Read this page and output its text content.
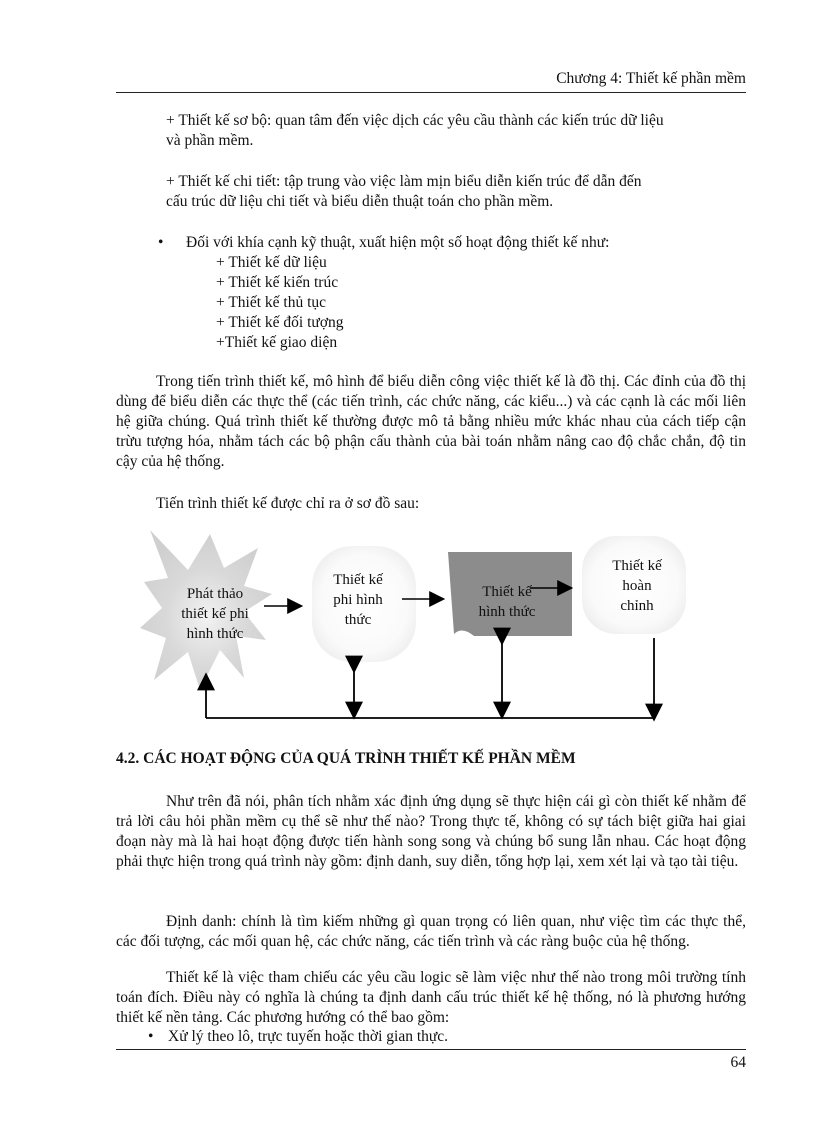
Chương 4: Thiết kế phần mềm
+ Thiết kế sơ bộ: quan tâm đến việc dịch các yêu cầu thành các kiến trúc dữ liệu
và phần mềm.
+ Thiết kế chi tiết: tập trung vào việc làm mịn biểu diễn kiến trúc để dẫn đến
cấu trúc dữ liệu chi tiết và biểu diễn thuật toán cho phần mềm.
• Đối với khía cạnh kỹ thuật, xuất hiện một số hoạt động thiết kế như:
+ Thiết kế dữ liệu
+ Thiết kế kiến trúc
+ Thiết kế thủ tục
+ Thiết kế đối tượng
+Thiết kế giao diện
Trong tiến trình thiết kế, mô hình để biểu diễn công việc thiết kế là đồ thị. Các đỉnh của đồ thị dùng để biểu diễn các thực thể (các tiến trình, các chức năng, các kiểu...) và các cạnh là các mối liên hệ giữa chúng. Quá trình thiết kế thường được mô tả bằng nhiều mức khác nhau của cách tiếp cận trừu tượng hóa, nhằm tách các bộ phận cấu thành của bài toán nhằm nâng cao độ chắc chắn, độ tin cậy của hệ thống.
Tiến trình thiết kế được chỉ ra ở sơ đồ sau:
Phát thảo
thiết kế phi
hình thức
Thiết kế
phi hình
thức
Thiết kế
hình thức
Thiết kế
hoàn
chỉnh
4.2. CÁC HOẠT ĐỘNG CỦA QUÁ TRÌNH THIẾT KẾ PHẦN MỀM
Như trên đã nói, phân tích nhằm xác định ứng dụng sẽ thực hiện cái gì còn thiết kế nhằm để trả lời câu hỏi phần mềm cụ thể sẽ như thế nào? Trong thực tế, không có sự tách biệt giữa hai giai đoạn này mà là hai hoạt động được tiến hành song song và chúng bổ sung lẫn nhau. Các hoạt động phải thực hiện trong quá trình này gồm: định danh, suy diễn, tổng hợp lại, xem xét lại và tạo tài tiệu.
Định danh: chính là tìm kiếm những gì quan trọng có liên quan, như việc tìm các thực thể, các đối tượng, các mối quan hệ, các chức năng, các tiến trình và các ràng buộc của hệ thống.
Thiết kế là việc tham chiếu các yêu cầu logic sẽ làm việc như thế nào trong môi trường tính toán đích. Điều này có nghĩa là chúng ta định danh cấu trúc thiết kế hệ thống, nó là phương hướng thiết kế nền tảng. Các phương hướng có thể bao gồm:
• Xử lý theo lô, trực tuyến hoặc thời gian thực.
64
